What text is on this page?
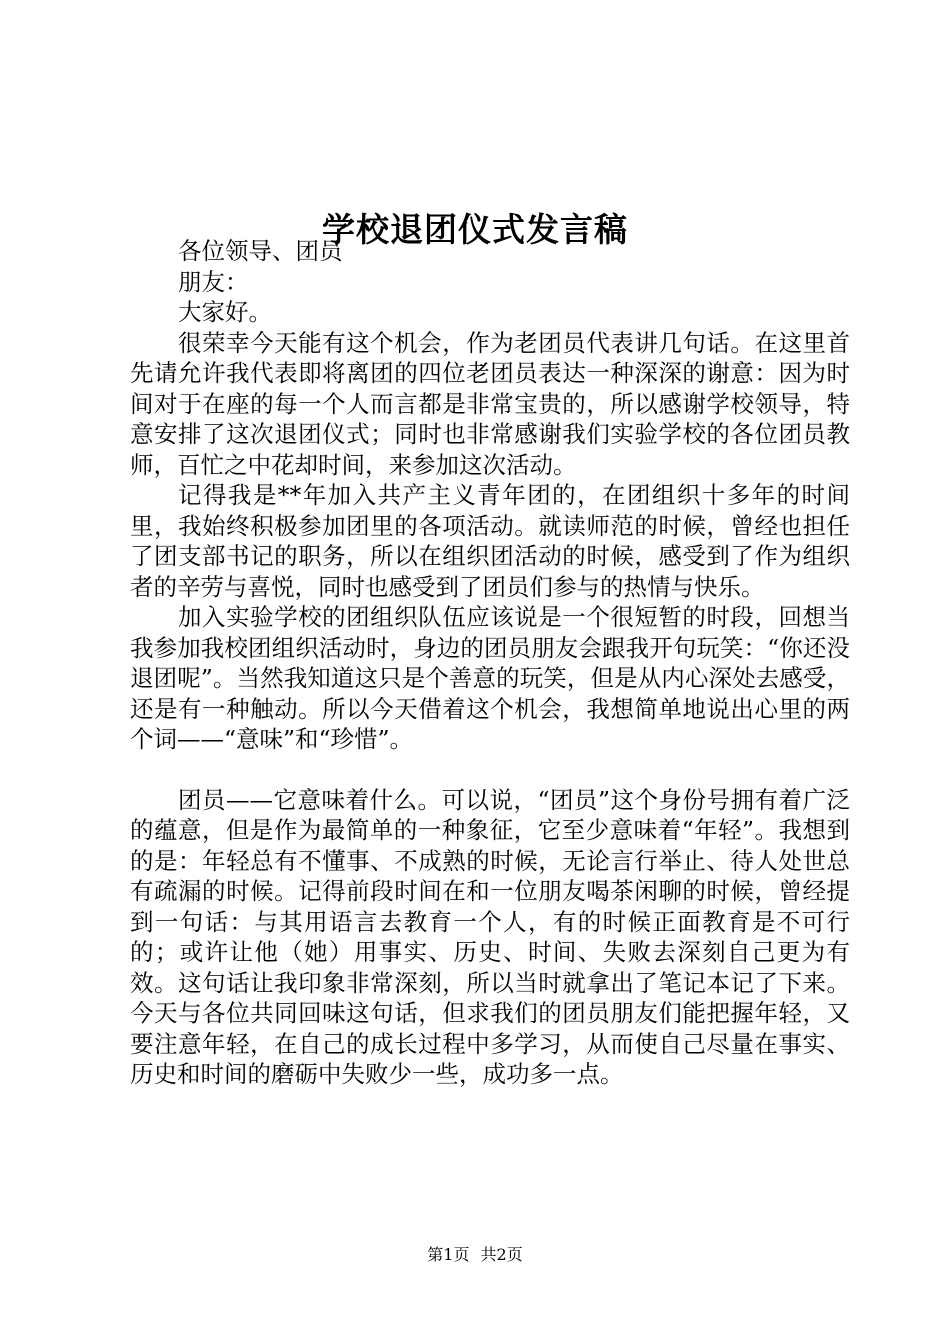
学校退团仪式发言稿

各位领导、团员

朋友：

大家好。

很荣幸今天能有这个机会，作为老团员代表讲几句话。在这里首先请允许我代表即将离团的四位老团员表达一种深深的谢意：因为时间对于在座的每一个人而言都是非常宝贵的，所以感谢学校领导，特意安排了这次退团仪式；同时也非常感谢我们实验学校的各位团员教师，百忙之中花却时间，来参加这次活动。

记得我是**年加入共产主义青年团的，在团组织十多年的时间里，我始终积极参加团里的各项活动。就读师范的时候，曾经也担任了团支部书记的职务，所以在组织团活动的时候，感受到了作为组织者的辛劳与喜悦，同时也感受到了团员们参与的热情与快乐。

加入实验学校的团组织队伍应该说是一个很短暂的时段，回想当我参加我校团组织活动时，身边的团员朋友会跟我开句玩笑：“你还没退团呢”。当然我知道这只是个善意的玩笑，但是从内心深处去感受，还是有一种触动。所以今天借着这个机会，我想简单地说出心里的两个词——“意味”和“珍惜”。

团员——它意味着什么。可以说，“团员”这个身份号拥有着广泛的蕴意，但是作为最简单的一种象征，它至少意味着“年轻”。我想到的是：年轻总有不懂事、不成熟的时候，无论言行举止、待人处世总有疏漏的时候。记得前段时间在和一位朋友喝茶闲聊的时候，曾经提到一句话：与其用语言去教育一个人，有的时候正面教育是不可行的；或许让他（她）用事实、历史、时间、失败去深刻自己更为有效。这句话让我印象非常深刻，所以当时就拿出了笔记本记了下来。今天与各位共同回味这句话，但求我们的团员朋友们能把握年轻，又要注意年轻，在自己的成长过程中多学习，从而使自己尽量在事实、历史和时间的磨砺中失败少一些，成功多一点。

第1页 共2页
